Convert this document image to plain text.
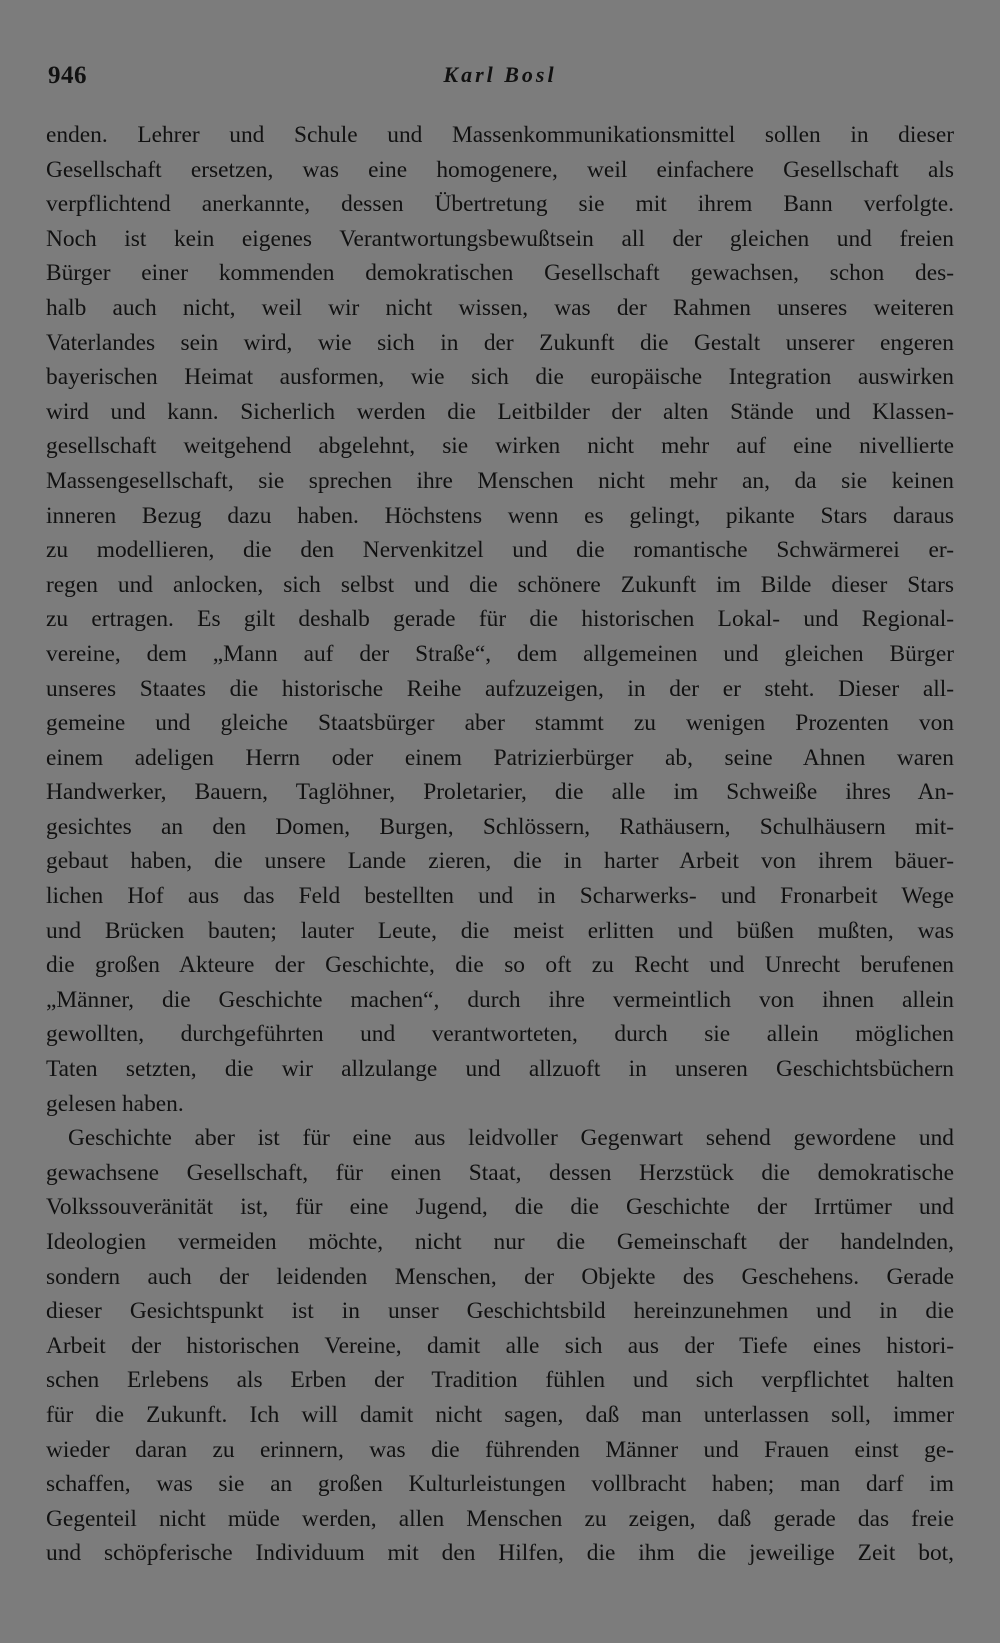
946	Karl Bosl
enden. Lehrer und Schule und Massenkommunikationsmittel sollen in dieser
Gesellschaft ersetzen, was eine homogenere, weil einfachere Gesellschaft als
verpflichtend anerkannte, dessen Übertretung sie mit ihrem Bann verfolgte.
Noch ist kein eigenes Verantwortungsbewußtsein all der gleichen und freien
Bürger einer kommenden demokratischen Gesellschaft gewachsen, schon des-
halb auch nicht, weil wir nicht wissen, was der Rahmen unseres weiteren
Vaterlandes sein wird, wie sich in der Zukunft die Gestalt unserer engeren
bayerischen Heimat ausformen, wie sich die europäische Integration auswirken
wird und kann. Sicherlich werden die Leitbilder der alten Stände und Klassen-
gesellschaft weitgehend abgelehnt, sie wirken nicht mehr auf eine nivellierte
Massengesellschaft, sie sprechen ihre Menschen nicht mehr an, da sie keinen
inneren Bezug dazu haben. Höchstens wenn es gelingt, pikante Stars daraus
zu modellieren, die den Nervenkitzel und die romantische Schwärmerei er-
regen und anlocken, sich selbst und die schönere Zukunft im Bilde dieser Stars
zu ertragen. Es gilt deshalb gerade für die historischen Lokal- und Regional-
vereine, dem „Mann auf der Straße“, dem allgemeinen und gleichen Bürger
unseres Staates die historische Reihe aufzuzeigen, in der er steht. Dieser all-
gemeine und gleiche Staatsbürger aber stammt zu wenigen Prozenten von
einem adeligen Herrn oder einem Patrizierbürger ab, seine Ahnen waren
Handwerker, Bauern, Taglöhner, Proletarier, die alle im Schweiße ihres An-
gesichtes an den Domen, Burgen, Schlössern, Rathäusern, Schulhäusern mit-
gebaut haben, die unsere Lande zieren, die in harter Arbeit von ihrem bäuer-
lichen Hof aus das Feld bestellten und in Scharwerks- und Fronarbeit Wege
und Brücken bauten; lauter Leute, die meist erlitten und büßen mußten, was
die großen Akteure der Geschichte, die so oft zu Recht und Unrecht berufenen
„Männer, die Geschichte machen“, durch ihre vermeintlich von ihnen allein
gewollten, durchgeführten und verantworteten, durch sie allein möglichen
Taten setzten, die wir allzulange und allzuoft in unseren Geschichtsbüchern
gelesen haben.
Geschichte aber ist für eine aus leidvoller Gegenwart sehend gewordene und
gewachsene Gesellschaft, für einen Staat, dessen Herzstück die demokratische
Volkssouveränität ist, für eine Jugend, die die Geschichte der Irrtümer und
Ideologien vermeiden möchte, nicht nur die Gemeinschaft der handelnden,
sondern auch der leidenden Menschen, der Objekte des Geschehens. Gerade
dieser Gesichtspunkt ist in unser Geschichtsbild hereinzunehmen und in die
Arbeit der historischen Vereine, damit alle sich aus der Tiefe eines histori-
schen Erlebens als Erben der Tradition fühlen und sich verpflichtet halten
für die Zukunft. Ich will damit nicht sagen, daß man unterlassen soll, immer
wieder daran zu erinnern, was die führenden Männer und Frauen einst ge-
schaffen, was sie an großen Kulturleistungen vollbracht haben; man darf im
Gegenteil nicht müde werden, allen Menschen zu zeigen, daß gerade das freie
und schöpferische Individuum mit den Hilfen, die ihm die jeweilige Zeit bot,
